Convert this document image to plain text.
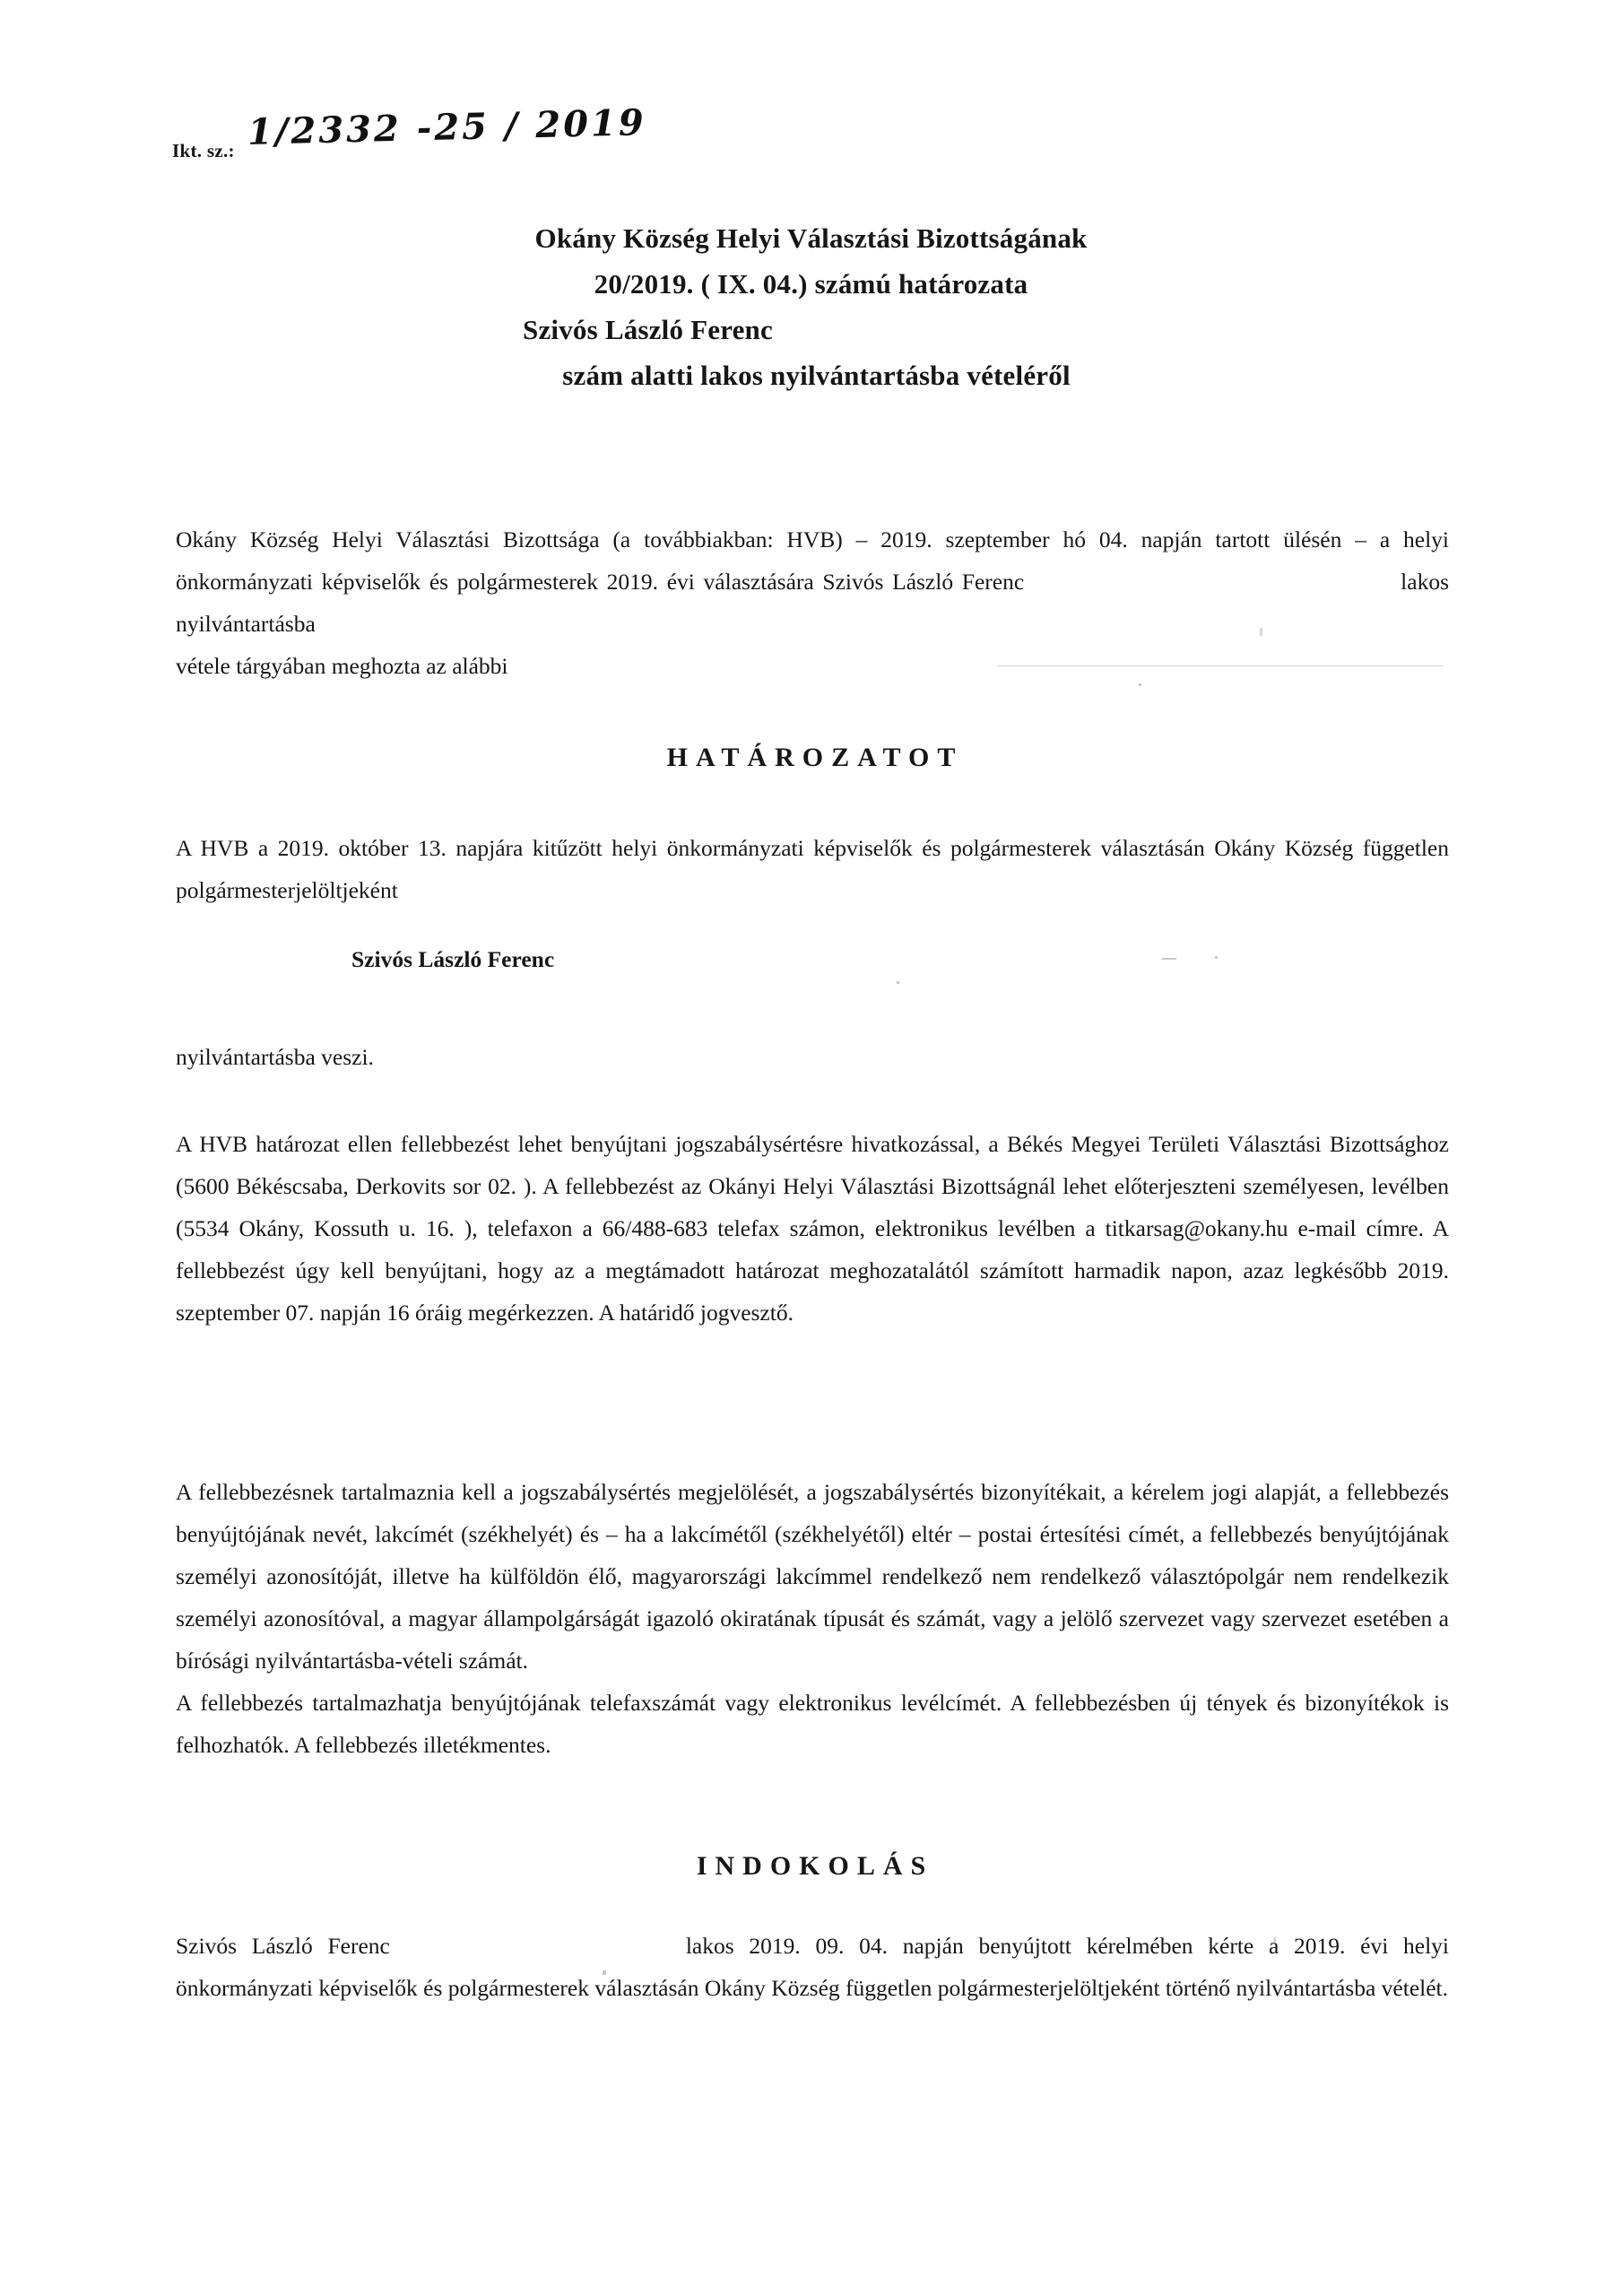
Ikt. sz.: 1/2332 -25 / 2019
Okány Község Helyi Választási Bizottságának
20/2019. ( IX. 04.) számú határozata
Szivós László Ferenc
szám alatti lakos nyilvántartásba vételéről

Okány Község Helyi Választási Bizottsága (a továbbiakban: HVB) – 2019. szeptember hó 04. napján tartott ülésén – a helyi önkormányzati képviselők és polgármesterek 2019. évi választására Szivós László Ferenc	lakos nyilvántartásba

vétele tárgyában meghozta az alábbi

HATÁROZATOT

A HVB a 2019. október 13. napjára kitűzött helyi önkormányzati képviselők és polgármesterek választásán Okány Község független polgármesterjelöltjeként

Szivós László Ferenc

nyilvántartásba veszi.

A HVB határozat ellen fellebbezést lehet benyújtani jogszabálysértésre hivatkozással, a Békés Megyei Területi Választási Bizottsághoz (5600 Békéscsaba, Derkovits sor 02. ). A fellebbezést az Okányi Helyi Választási Bizottságnál lehet előterjeszteni személyesen, levélben (5534 Okány, Kossuth u. 16. ), telefaxon a 66/488-683 telefax számon, elektronikus levélben a titkarsag@okany.hu e-mail címre. A fellebbezést úgy kell benyújtani, hogy az a megtámadott határozat meghozatalától számított harmadik napon, azaz legkésőbb 2019. szeptember 07. napján 16 óráig megérkezzen. A határidő jogvesztő.

A fellebbezésnek tartalmaznia kell a jogszabálysértés megjelölését, a jogszabálysértés bizonyítékait, a kérelem jogi alapját, a fellebbezés benyújtójának nevét, lakcímét (székhelyét) és – ha a lakcímétől (székhelyétől) eltér – postai értesítési címét, a fellebbezés benyújtójának személyi azonosítóját, illetve ha külföldön élő, magyarországi lakcímmel rendelkező nem rendelkező választópolgár nem rendelkezik személyi azonosítóval, a magyar állampolgárságát igazoló okiratának típusát és számát, vagy a jelölő szervezet vagy szervezet esetében a bírósági nyilvántartásba-vételi számát.

A fellebbezés tartalmazhatja benyújtójának telefaxszámát vagy elektronikus levélcímét. A fellebbezésben új tények és bizonyítékok is felhozhatók. A fellebbezés illetékmentes.

INDOKOLÁS

Szivós László Ferenc	lakos 2019. 09. 04. napján benyújtott kérelmében kérte a 2019. évi helyi önkormányzati képviselők és polgármesterek választásán Okány Község független polgármesterjelöltjeként történő nyilvántartásba vételét.
